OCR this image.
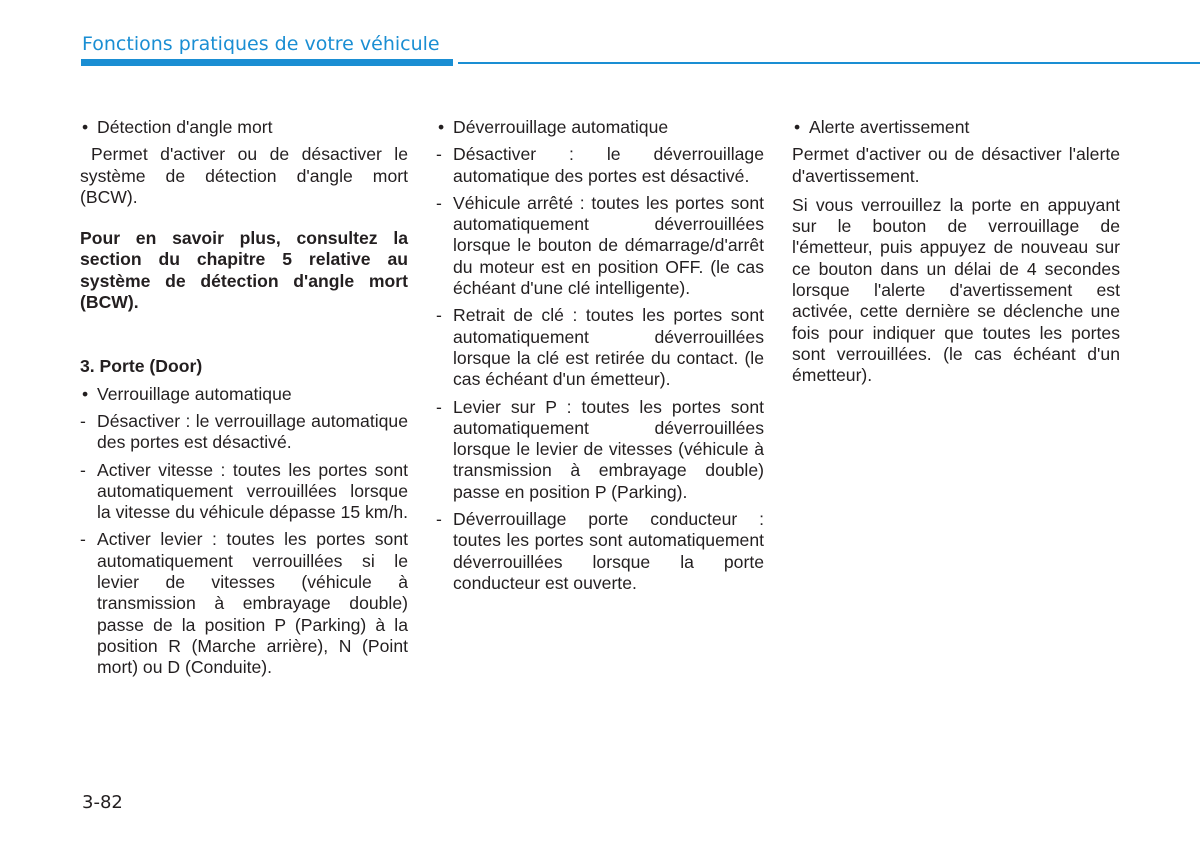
Fonctions pratiques de votre véhicule
• Détection d'angle mort
Permet d'activer ou de désactiver le système de détection d'angle mort (BCW).
Pour en savoir plus, consultez la section du chapitre 5 relative au système de détection d'angle mort (BCW).
3. Porte (Door)
• Verrouillage automatique
- Désactiver : le verrouillage automatique des portes est désactivé.
- Activer vitesse : toutes les portes sont automatiquement verrouillées lorsque la vitesse du véhicule dépasse 15 km/h.
- Activer levier : toutes les portes sont automatiquement verrouillées si le levier de vitesses (véhicule à transmission à embrayage double) passe de la position P (Parking) à la position R (Marche arrière), N (Point mort) ou D (Conduite).
• Déverrouillage automatique
- Désactiver : le déverrouillage automatique des portes est désactivé.
- Véhicule arrêté : toutes les portes sont automatiquement déverrouillées lorsque le bouton de démarrage/d'arrêt du moteur est en position OFF. (le cas échéant d'une clé intelligente).
- Retrait de clé : toutes les portes sont automatiquement déverrouillées lorsque la clé est retirée du contact. (le cas échéant d'un émetteur).
- Levier sur P : toutes les portes sont automatiquement déverrouillées lorsque le levier de vitesses (véhicule à transmission à embrayage double) passe en position P (Parking).
- Déverrouillage porte conducteur : toutes les portes sont automatiquement déverrouillées lorsque la porte conducteur est ouverte.
• Alerte avertissement
Permet d'activer ou de désactiver l'alerte d'avertissement.
Si vous verrouillez la porte en appuyant sur le bouton de verrouillage de l'émetteur, puis appuyez de nouveau sur ce bouton dans un délai de 4 secondes lorsque l'alerte d'avertissement est activée, cette dernière se déclenche une fois pour indiquer que toutes les portes sont verrouillées. (le cas échéant d'un émetteur).
3-82
